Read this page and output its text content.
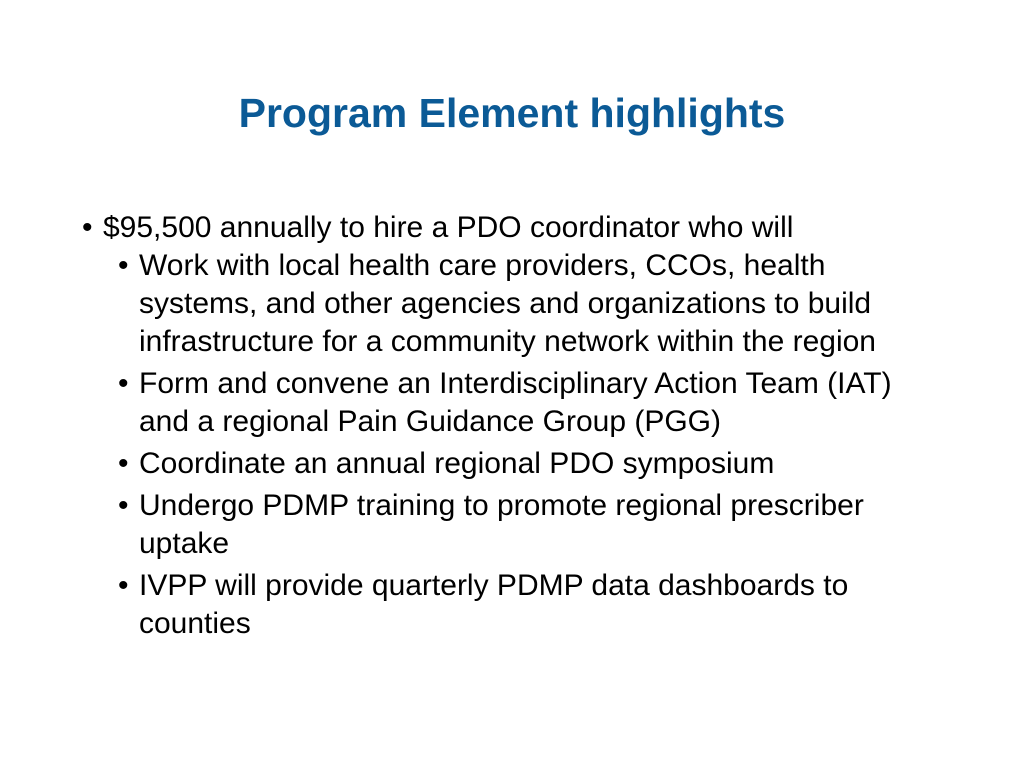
Program Element highlights
• $95,500 annually to hire a PDO coordinator who will
• Work with local health care providers, CCOs, health
systems, and other agencies and organizations to build
infrastructure for a community network within the region
• Form and convene an Interdisciplinary Action Team (IAT)
and a regional Pain Guidance Group (PGG)
• Coordinate an annual regional PDO symposium
• Undergo PDMP training to promote regional prescriber
uptake
• IVPP will provide quarterly PDMP data dashboards to
counties
